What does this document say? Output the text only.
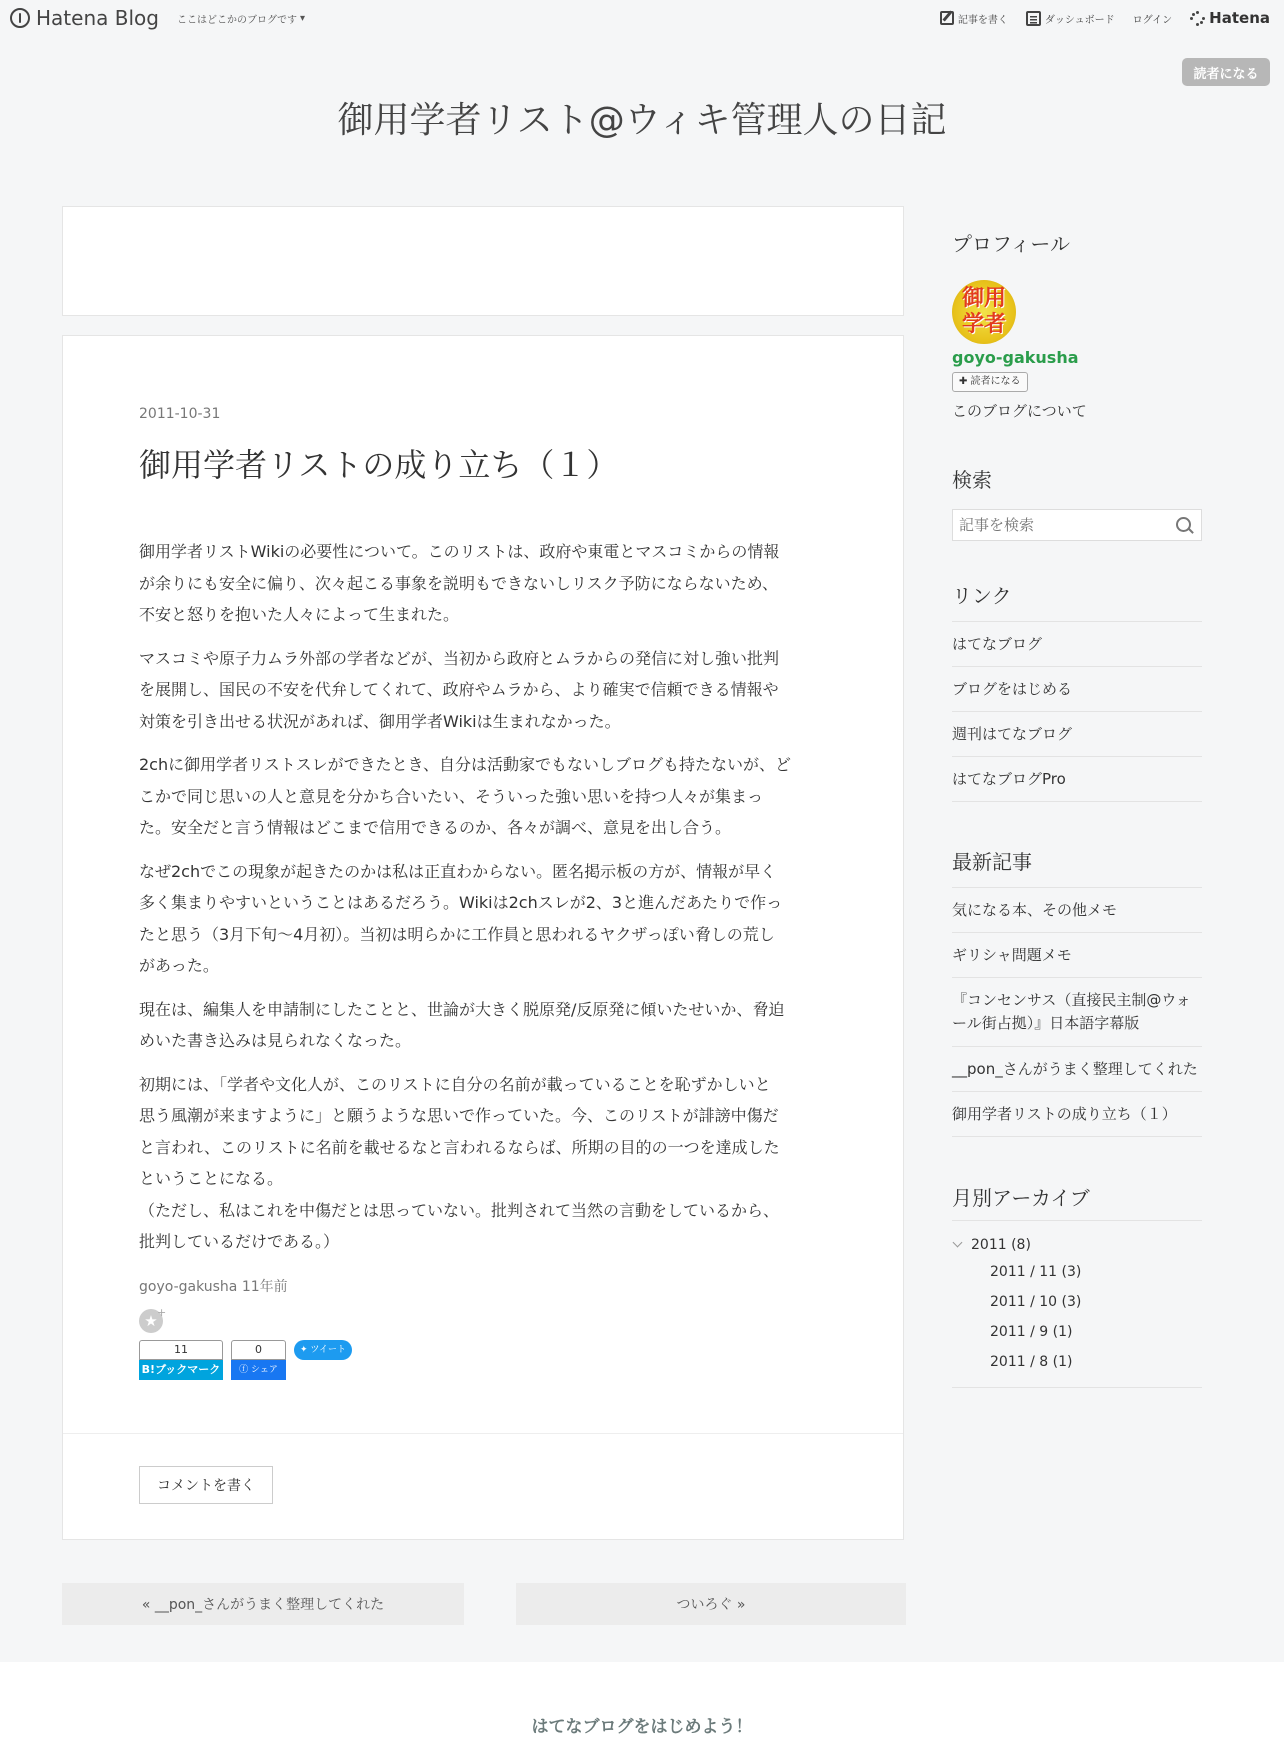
Hatena Blog ここはどこかのブログです ▾	記事を書く	ダッシュボード ログイン Hatena
読者になる
御用学者リスト@ウィキ管理人の日記
2011-10-31
御用学者リストの成り立ち（１）

御用学者リストWikiの必要性について。このリストは、政府や東電とマスコミからの情報
が余りにも安全に偏り、次々起こる事象を説明もできないしリスク予防にならないため、
不安と怒りを抱いた人々によって生まれた。

マスコミや原子力ムラ外部の学者などが、当初から政府とムラからの発信に対し強い批判
を展開し、国民の不安を代弁してくれて、政府やムラから、より確実で信頼できる情報や
対策を引き出せる状況があれば、御用学者Wikiは生まれなかった。

2chに御用学者リストスレができたとき、自分は活動家でもないしブログも持たないが、ど
こかで同じ思いの人と意見を分かち合いたい、そういった強い思いを持つ人々が集まっ
た。安全だと言う情報はどこまで信用できるのか、各々が調べ、意見を出し合う。

なぜ2chでこの現象が起きたのかは私は正直わからない。匿名掲示板の方が、情報が早く
多く集まりやすいということはあるだろう。Wikiは2chスレが2、3と進んだあたりで作っ
たと思う（3月下旬〜4月初）。当初は明らかに工作員と思われるヤクザっぽい脅しの荒し
があった。

現在は、編集人を申請制にしたことと、世論が大きく脱原発/反原発に傾いたせいか、脅迫
めいた書き込みは見られなくなった。

初期には、「学者や文化人が、このリストに自分の名前が載っていることを恥ずかしいと
思う風潮が来ますように」と願うような思いで作っていた。今、このリストが誹謗中傷だ
と言われ、このリストに名前を載せるなと言われるならば、所期の目的の一つを達成した
ということになる。
（ただし、私はこれを中傷だとは思っていない。批判されて当然の言動をしているから、
批判しているだけである。）

goyo-gakusha 11年前
★ +
11
B!ブックマーク
0
ⓕ シェア
✦ ツイート
コメントを書く
« __pon_さんがうまく整理してくれた	ついろぐ »
プロフィール
御用
学者
goyo-gakusha
✚ 読者になる
このブログについて
検索
記事を検索
リンク
はてなブログ
ブログをはじめる
週刊はてなブログ
はてなブログPro
最新記事
気になる本、その他メモ
ギリシャ問題メモ
『コンセンサス（直接民主制@ウォール街占拠）』日本語字幕版
__pon_さんがうまく整理してくれた
御用学者リストの成り立ち（１）
月別アーカイブ
2011 (8)
2011 / 11 (3)
2011 / 10 (3)
2011 / 9 (1)
2011 / 8 (1)
はてなブログをはじめよう！
